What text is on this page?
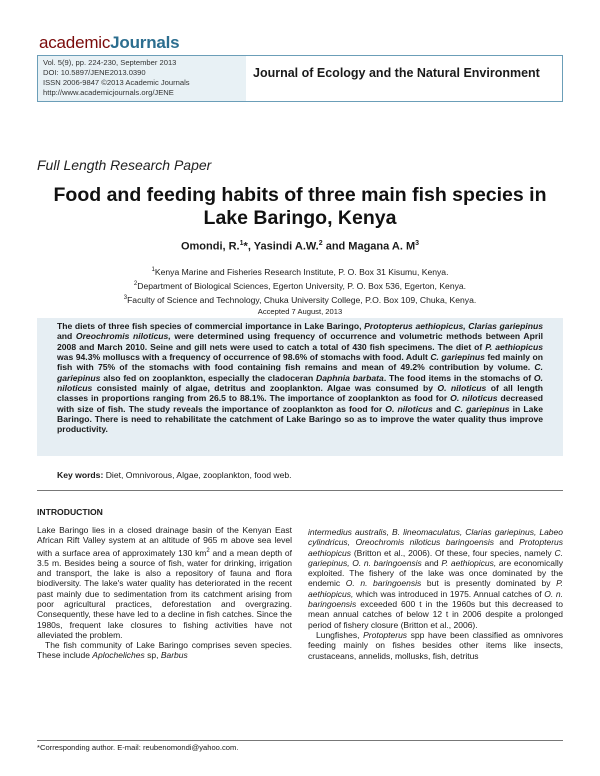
academicJournals
Vol. 5(9), pp. 224-230, September 2013
DOI: 10.5897/JENE2013.0390
ISSN 2006-9847 ©2013 Academic Journals
http://www.academicjournals.org/JENE
Journal of Ecology and the Natural Environment
Full Length Research Paper
Food and feeding habits of three main fish species in
Lake Baringo, Kenya
Omondi, R.$^1$*, Yasindi A.W.$^2$ and Magana A. $M^3$
$^1$Kenya Marine and Fisheries Research Institute, P. O. Box 31 Kisumu, Kenya.
$^2$Department of Biological Sciences, Egerton University, P. O. Box 536, Egerton, Kenya.
$^3$Faculty of Science and Technology, Chuka University College, P.O. Box 109, Chuka, Kenya.
Accepted 7 August, 2013
The diets of three fish species of commercial importance in Lake Baringo, Protopterus aethiopicus, Clarias gariepinus and Oreochromis niloticus, were determined using frequency of occurrence and volumetric methods between April 2008 and March 2010. Seine and gill nets were used to catch a total of 430 fish specimens. The diet of P. aethiopicus was 94.3% molluscs with a frequency of occurrence of 98.6% of stomachs with food. Adult C. gariepinus fed mainly on fish with 75% of the stomachs with food containing fish remains and mean of 49.2% contribution by volume. C. gariepinus also fed on zooplankton, especially the cladoceran Daphnia barbata. The food items in the stomachs of O. niloticus consisted mainly of algae, detritus and zooplankton. Algae was consumed by O. niloticus of all length classes in proportions ranging from 26.5 to 88.1%. The importance of zooplankton as food for O. niloticus decreased with size of fish. The study reveals the importance of zooplankton as food for O. niloticus and C. gariepinus in Lake Baringo. There is need to rehabilitate the catchment of Lake Baringo so as to improve the water quality thus improve productivity.
Key words: Diet, Omnivorous, Algae, zooplankton, food web.
INTRODUCTION

Lake Baringo lies in a closed drainage basin of the Kenyan East African Rift Valley system at an altitude of 965 m above sea level with a surface area of approximately 130 $km^2$ and a mean depth of 3.5 m. Besides being a source of fish, water for drinking, irrigation and transport, the lake is also a repository of fauna and flora biodiversity. The lake's water quality has deteriorated in the recent past mainly due to sedimentation from its catchment arising from poor agricultural practices, deforestation and overgrazing. Consequently, these have led to a decline in fish catches. Since the 1980s, frequent lake closures to fishing activities have not alleviated the problem.

The fish community of Lake Baringo comprises seven species. These include Aplocheliches sp, Barbus

intermedius australis, B. lineomaculatus, Clarias gariepinus, Labeo cylindricus, Oreochromis niloticus baringoensis and Protopterus aethiopicus (Britton et al., 2006). Of these, four species, namely C. gariepinus, O. n. baringoensis and P. aethiopicus, are economically exploited. The fishery of the lake was once dominated by the endemic O. n. baringoensis but is presently dominated by P. aethiopicus, which was introduced in 1975. Annual catches of O. n. baringoensis exceeded 600 t in the 1960s but this decreased to mean annual catches of below 12 t in 2006 despite a prolonged period of fishery closure (Britton et al., 2006).

Lungfishes, Protopterus spp have been classified as omnivores feeding mainly on fishes besides other items like insects, crustaceans, annelids, mollusks, fish, detritus

*Corresponding author. E-mail: reubenomondi@yahoo.com.
